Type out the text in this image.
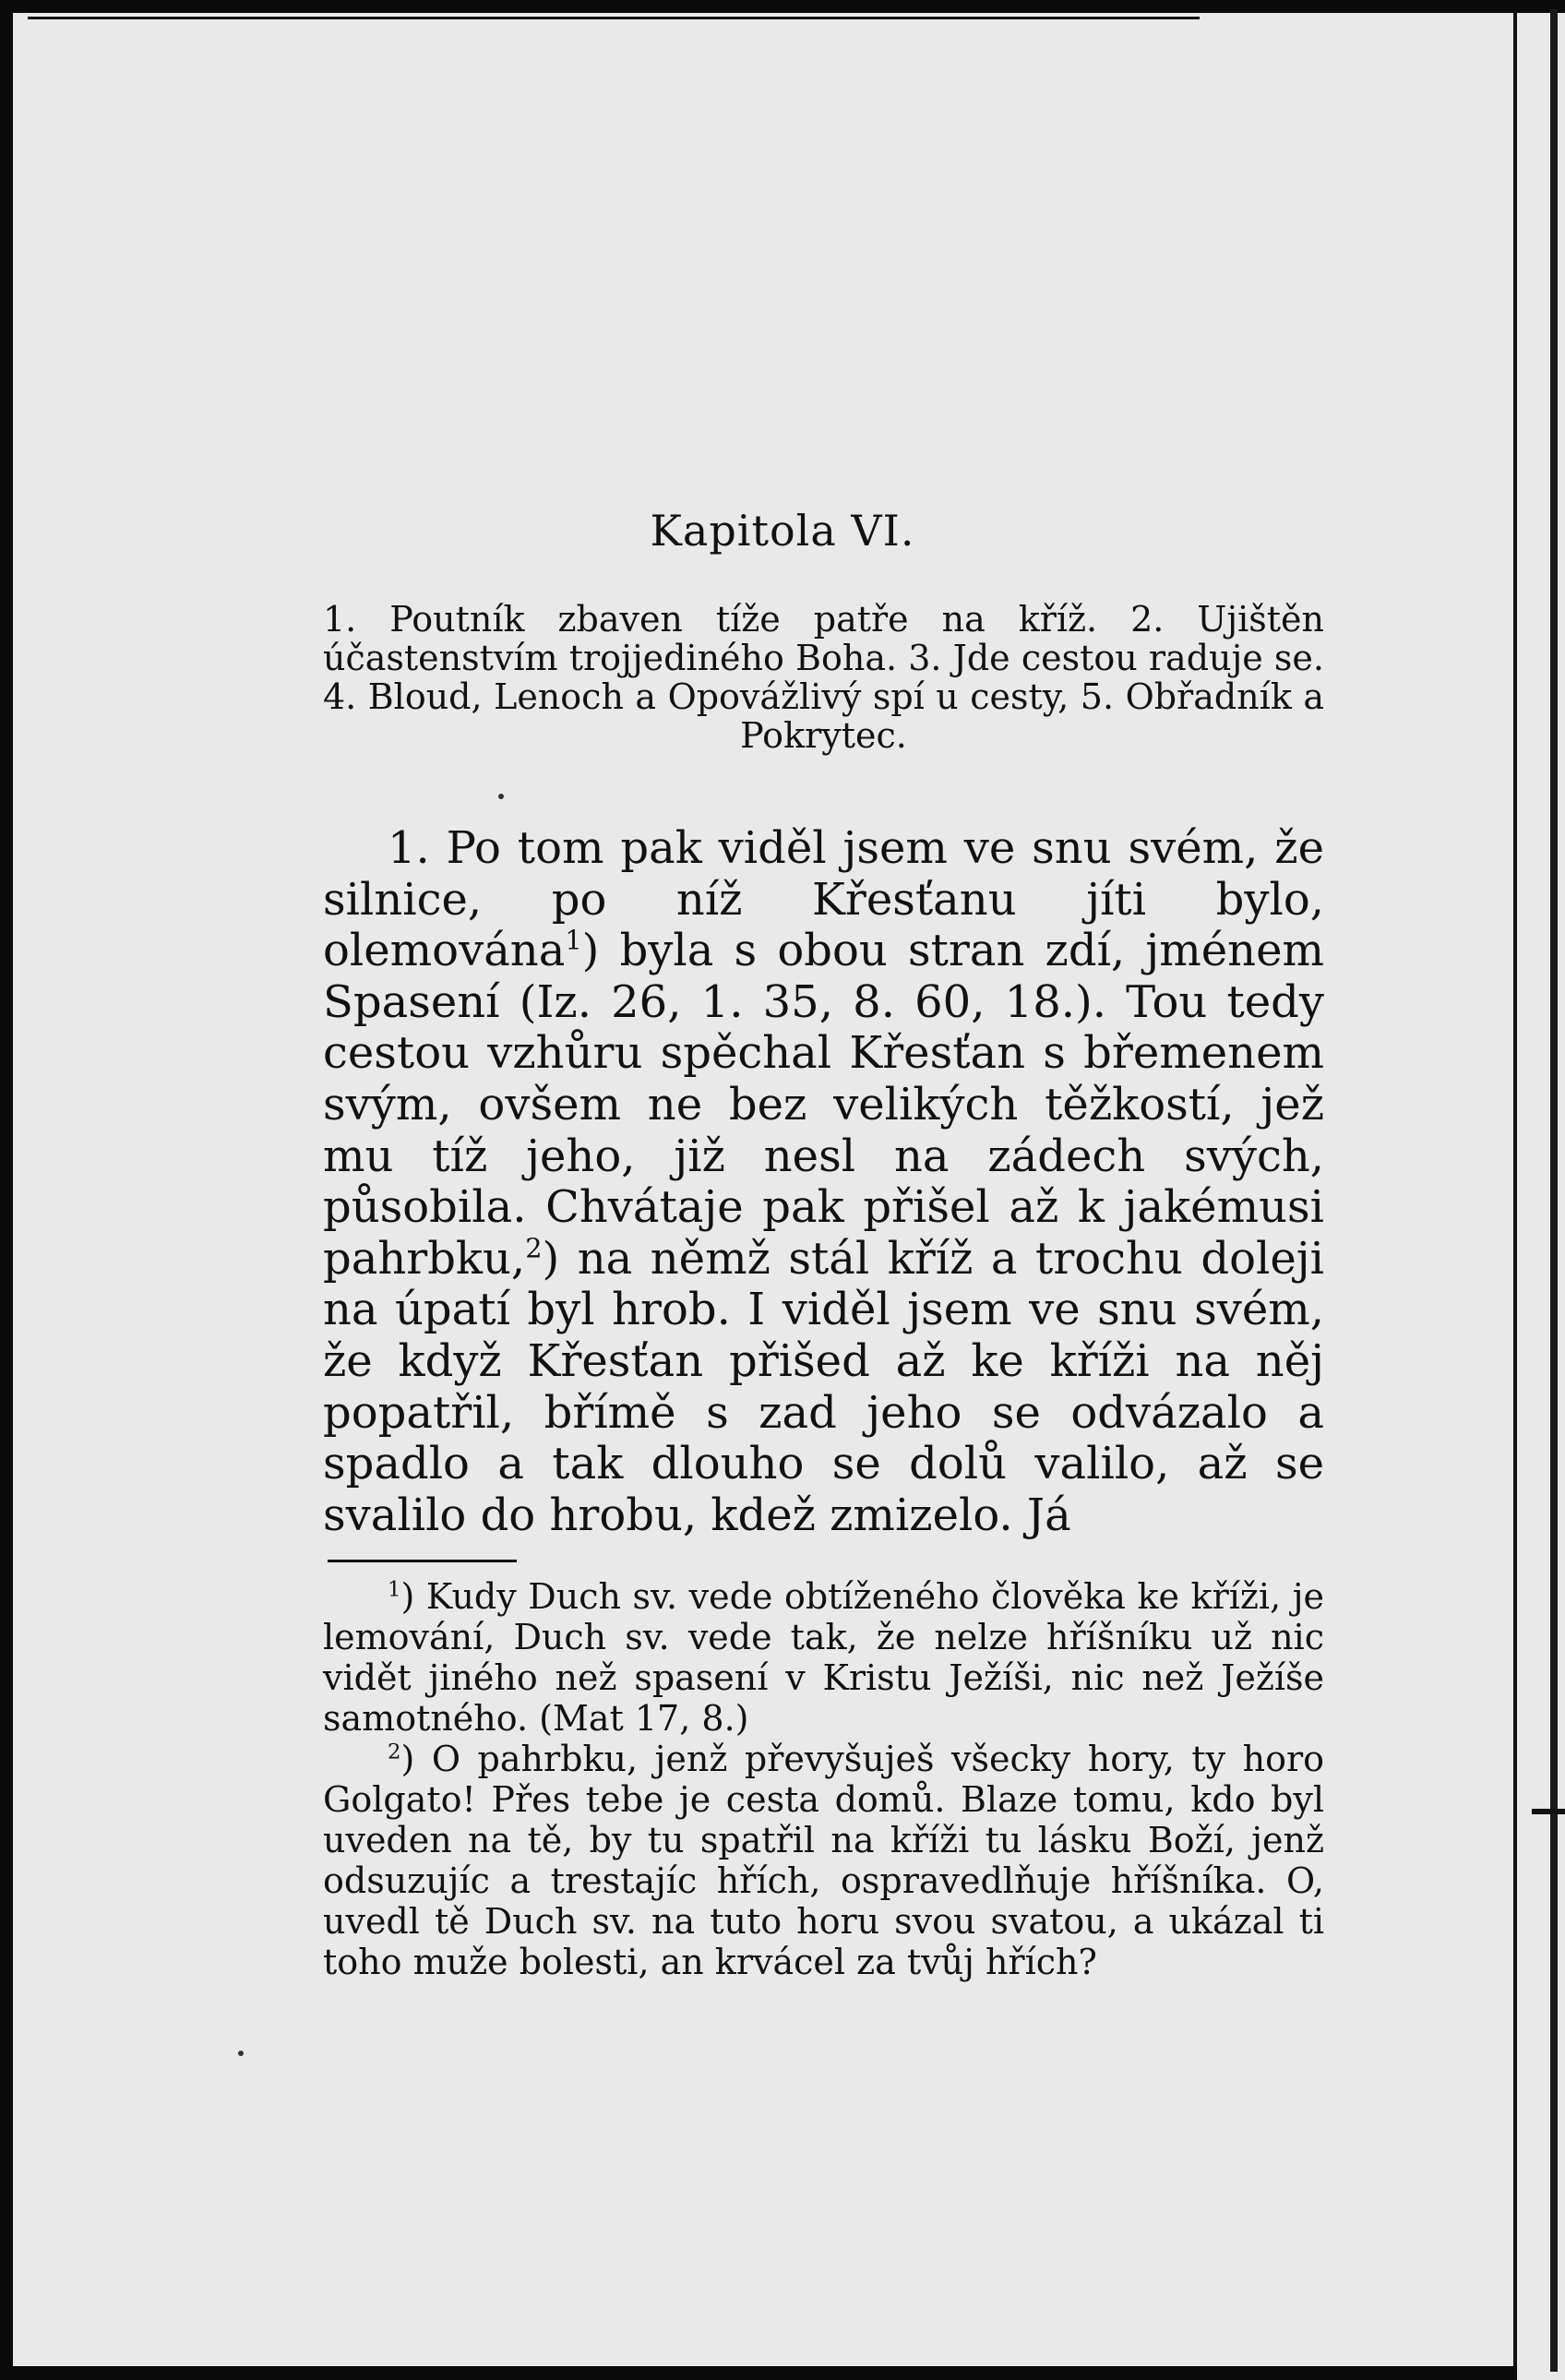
Kapitola VI.
1. Poutník zbaven tíže patře na kříž. 2. Ujištěn účastenstvím trojjediného Boha. 3. Jde cestou raduje se. 4. Bloud, Lenoch a Opovážlivý spí u cesty, 5. Obřadník a Pokrytec.

1. Po tom pak viděl jsem ve snu svém, že silnice, po níž Křesťanu jíti bylo, olemována$^1$) byla s obou stran zdí, jménem Spasení (Iz. 26, 1. 35, 8. 60, 18.). Tou tedy cestou vzhůru spěchal Křesťan s břemenem svým, ovšem ne bez velikých těžkostí, jež mu tíž jeho, již nesl na zádech svých, působila. Chvátaje pak přišel až k jakémusi pahrbku,$^2$) na němž stál kříž a trochu doleji na úpatí byl hrob. I viděl jsem ve snu svém, že když Křesťan přišed až ke kříži na něj popatřil, břímě s zad jeho se odvázalo a spadlo a tak dlouho se dolů valilo, až se svalilo do hrobu, kdež zmizelo. Já

$^1$) Kudy Duch sv. vede obtíženého člověka ke kříži, je lemování, Duch sv. vede tak, že nelze hříšníku už nic vidět jiného než spasení v Kristu Ježíši, nic než Ježíše samotného. (Mat 17, 8.)

$^2$) O pahrbku, jenž převyšuješ všecky hory, ty horo Golgato! Přes tebe je cesta domů. Blaze tomu, kdo byl uveden na tě, by tu spatřil na kříži tu lásku Boží, jenž odsuzujíc a trestajíc hřích, ospravedlňuje hříšníka. O, uvedl tě Duch sv. na tuto horu svou svatou, a ukázal ti toho muže bolesti, an krvácel za tvůj hřích?
